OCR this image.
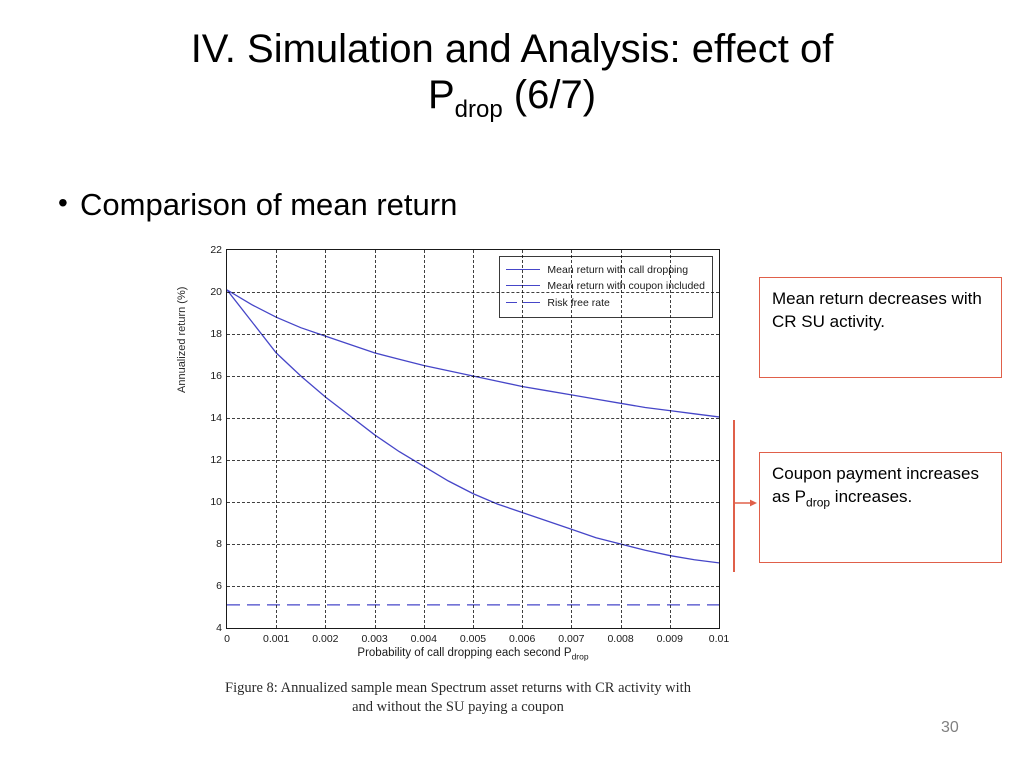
IV. Simulation and Analysis: effect of
$P_{drop}$ (6/7)
• Comparison of mean return
Annualized return (%)
Mean return with call dropping
Mean return with coupon included
Risk free rate
4
6
8
10
12
14
16
18
20
22
0	0.001 0.002 0.003 0.004 0.005 0.006 0.007 0.008 0.009 0.01
Probability of call dropping each second $P_{drop}$
Figure 8: Annualized sample mean Spectrum asset returns with CR activity with
and without the SU paying a coupon
Mean return decreases with CR SU activity.
Coupon payment increases as $P_{drop}$ increases.
30
